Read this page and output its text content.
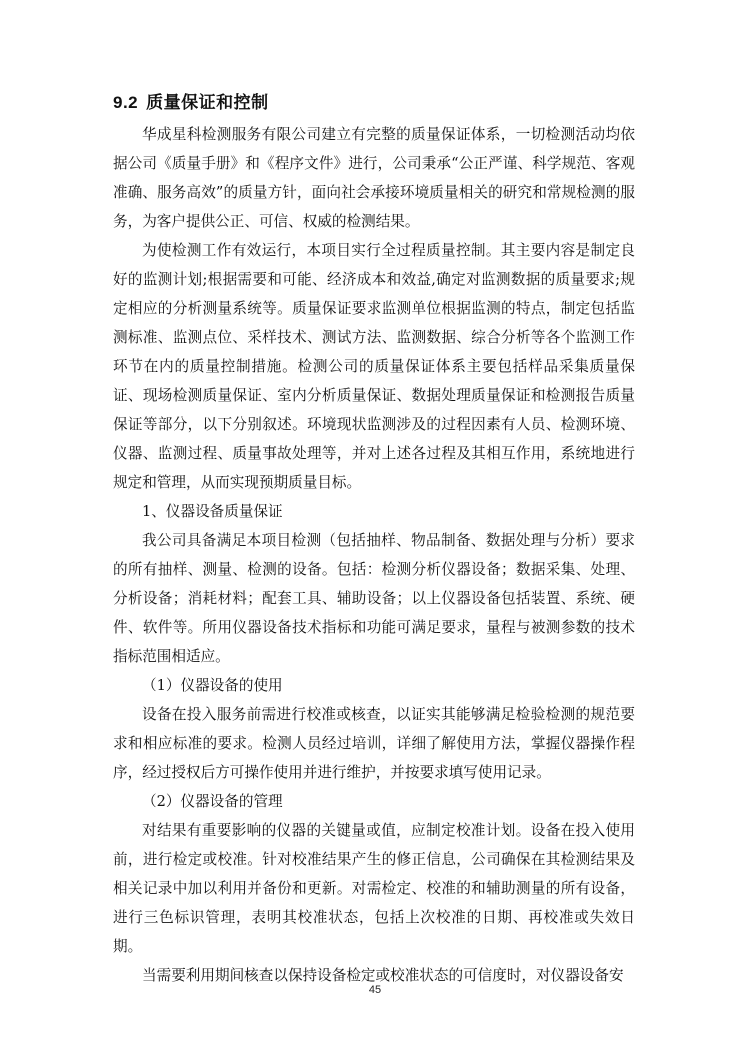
9.2 质量保证和控制

华成星科检测服务有限公司建立有完整的质量保证体系，一切检测活动均依据公司《质量手册》和《程序文件》进行，公司秉承“公正严谨、科学规范、客观准确、服务高效”的质量方针，面向社会承接环境质量相关的研究和常规检测的服务，为客户提供公正、可信、权威的检测结果。

为使检测工作有效运行，本项目实行全过程质量控制。其主要内容是制定良好的监测计划;根据需要和可能、经济成本和效益,确定对监测数据的质量要求;规定相应的分析测量系统等。质量保证要求监测单位根据监测的特点，制定包括监测标准、监测点位、采样技术、测试方法、监测数据、综合分析等各个监测工作环节在内的质量控制措施。检测公司的质量保证体系主要包括样品采集质量保证、现场检测质量保证、室内分析质量保证、数据处理质量保证和检测报告质量保证等部分，以下分别叙述。环境现状监测涉及的过程因素有人员、检测环境、仪器、监测过程、质量事故处理等，并对上述各过程及其相互作用，系统地进行规定和管理，从而实现预期质量目标。

1、仪器设备质量保证

我公司具备满足本项目检测（包括抽样、物品制备、数据处理与分析）要求的所有抽样、测量、检测的设备。包括：检测分析仪器设备；数据采集、处理、分析设备；消耗材料；配套工具、辅助设备；以上仪器设备包括装置、系统、硬件、软件等。所用仪器设备技术指标和功能可满足要求，量程与被测参数的技术指标范围相适应。

（1）仪器设备的使用

设备在投入服务前需进行校准或核查，以证实其能够满足检验检测的规范要求和相应标准的要求。检测人员经过培训，详细了解使用方法，掌握仪器操作程序，经过授权后方可操作使用并进行维护，并按要求填写使用记录。

（2）仪器设备的管理

对结果有重要影响的仪器的关键量或值，应制定校准计划。设备在投入使用前，进行检定或校准。针对校准结果产生的修正信息，公司确保在其检测结果及相关记录中加以利用并备份和更新。对需检定、校准的和辅助测量的所有设备，进行三色标识管理，表明其校准状态，包括上次校准的日期、再校准或失效日期。

当需要利用期间核查以保持设备检定或校准状态的可信度时，对仪器设备安

45
